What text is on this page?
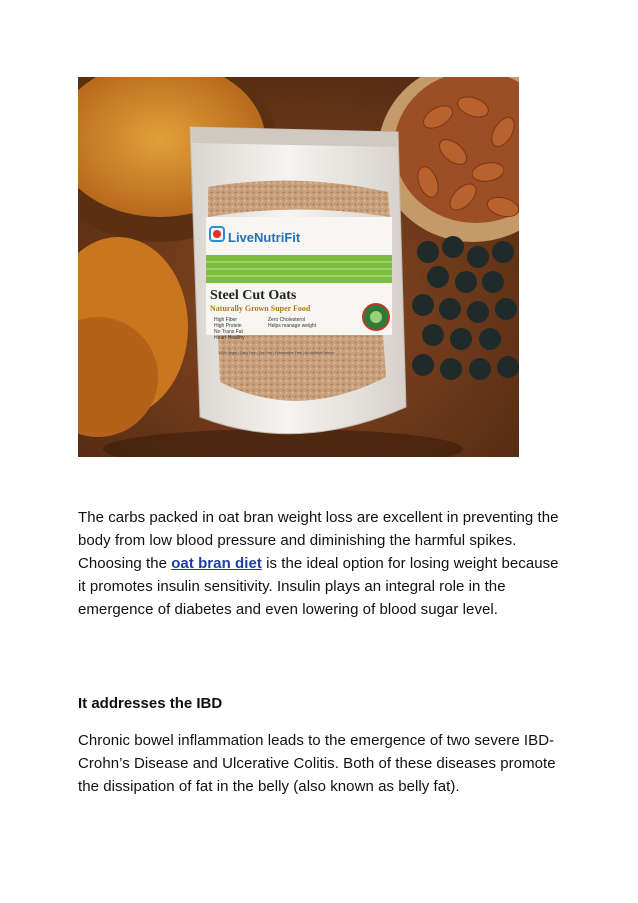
LiveNutriFit
Steel Cut Oats
Naturally Grown Super Food
High Fiber
High Protein
Zero Cholesterol
Helps manage weight
No Trans Fat
Heart Healthy
100% Vegan | Dairy Free | Soy Free | Preservative Free | No Artificial Flavors

The carbs packed in oat bran weight loss are excellent in preventing the body from low blood pressure and diminishing the harmful spikes. Choosing the oat bran diet is the ideal option for losing weight because it promotes insulin sensitivity. Insulin plays an integral role in the emergence of diabetes and even lowering of blood sugar level.

It addresses the IBD

Chronic bowel inflammation leads to the emergence of two severe IBD- Crohn’s Disease and Ulcerative Colitis. Both of these diseases promote the dissipation of fat in the belly (also known as belly fat).
